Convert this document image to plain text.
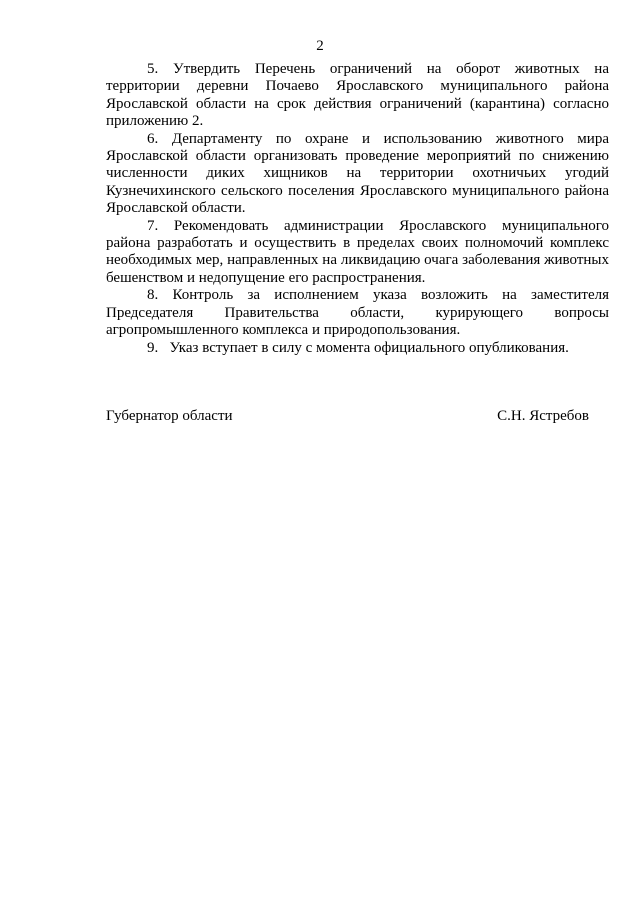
2

5. Утвердить Перечень ограничений на оборот животных на территории деревни Почаево Ярославского муниципального района Ярославской области на срок действия ограничений (карантина) согласно приложению 2.

6. Департаменту по охране и использованию животного мира Ярославской области организовать проведение мероприятий по снижению численности диких хищников на территории охотничьих угодий Кузнечихинского сельского поселения Ярославского муниципального района Ярославской области.

7. Рекомендовать администрации Ярославского муниципального района разработать и осуществить в пределах своих полномочий комплекс необходимых мер, направленных на ликвидацию очага заболевания животных бешенством и недопущение его распространения.

8. Контроль за исполнением указа возложить на заместителя Председателя Правительства области, курирующего вопросы агропромышленного комплекса и природопользования.

9.   Указ вступает в силу с момента официального опубликования.

Губернатор области	С.Н. Ястребов
